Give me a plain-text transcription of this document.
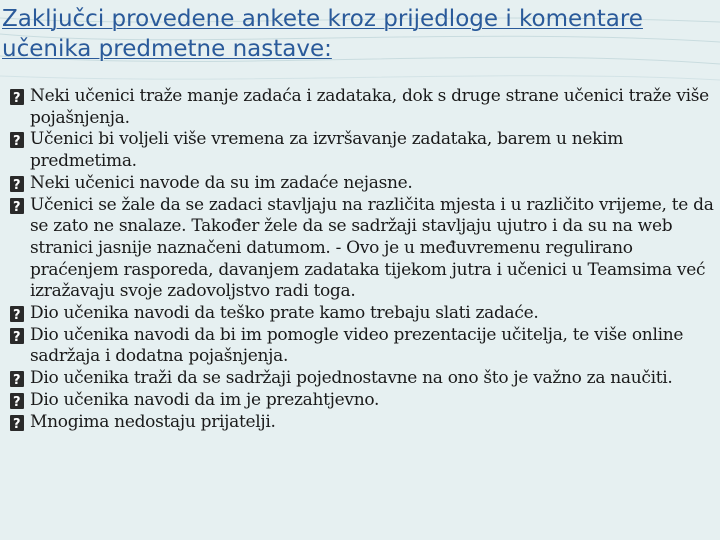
Zaključci provedene ankete kroz prijedloge i komentare učenika predmetne nastave:
?
Neki učenici traže manje zadaća i zadataka, dok s druge strane učenici traže više pojašnjenja.
?
Učenici bi voljeli više vremena za izvršavanje zadataka, barem u nekim predmetima.
?
Neki učenici navode da su im zadaće nejasne.
?
Učenici se žale da se zadaci stavljaju na različita mjesta i u različito vrijeme, te da se zato ne snalaze. Također žele da se sadržaji stavljaju ujutro i da su na web stranici jasnije naznačeni datumom. - Ovo je u međuvremenu regulirano praćenjem rasporeda, davanjem zadataka tijekom jutra i učenici u Teamsima već izražavaju svoje zadovoljstvo radi toga.
?
Dio učenika navodi da teško prate kamo trebaju slati zadaće.
?
Dio učenika navodi da bi im pomogle video prezentacije učitelja, te više online sadržaja i dodatna pojašnjenja.
?
Dio učenika traži da se sadržaji pojednostavne na ono što je važno za naučiti.
?
Dio učenika navodi da im je prezahtjevno.
?
Mnogima nedostaju prijatelji.
